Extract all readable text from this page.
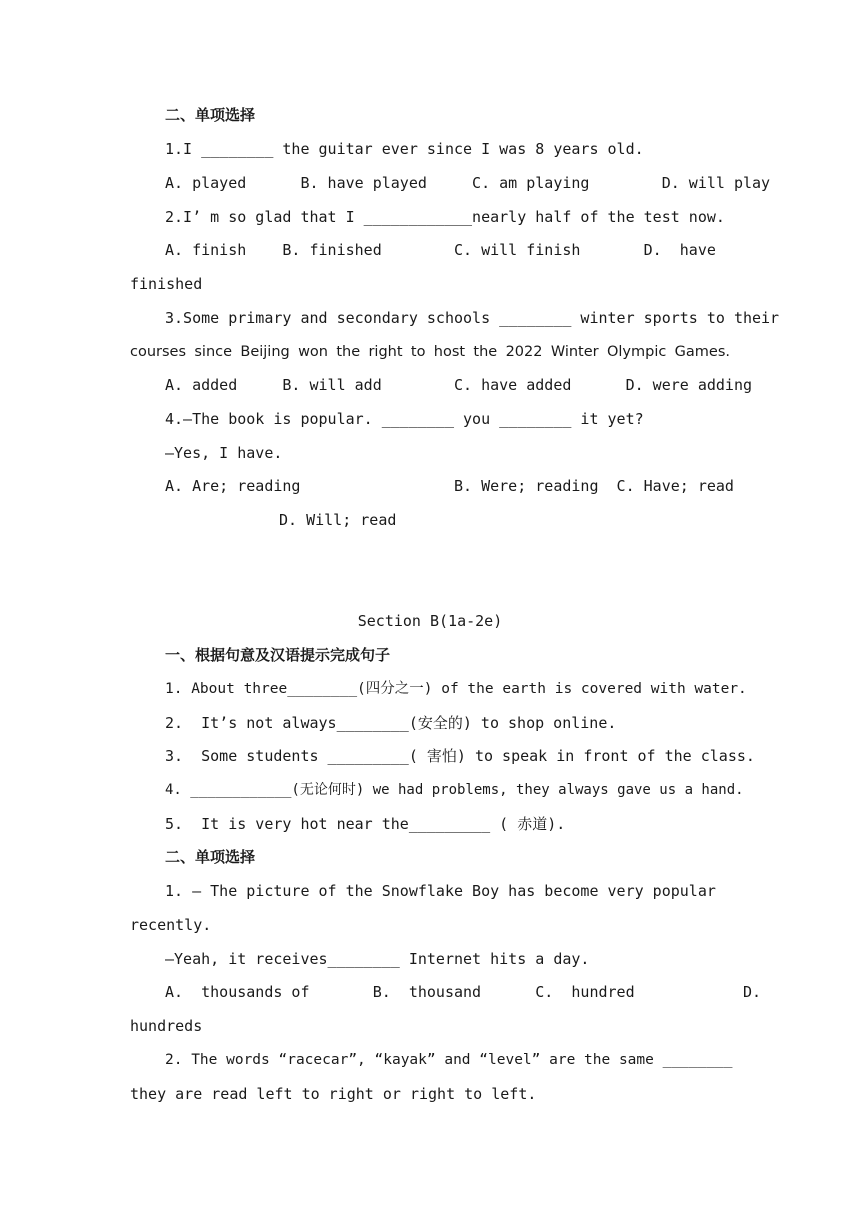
二、单项选择

1.I ________ the guitar ever since I was 8 years old.

A. played      B. have played     C. am playing        D. will play

2.I’ m so glad that I ____________nearly half of the test now.

A. finish    B. finished        C. will finish       D.  have

finished

3.Some primary and secondary schools ________ winter sports to their

courses since Beijing won the right to host the 2022 Winter Olympic Games.

A. added     B. will add        C. have added      D. were adding

4.—The book is popular. ________ you ________ it yet?

—Yes, I have.

A. Are; reading                 B. Were; reading  C. Have; read

D. Will; read

Section B(1a-2e)

一、根据句意及汉语提示完成句子

1. About three________(四分之一) of the earth is covered with water.

2.  It’s not always________(安全的) to shop online.

3.  Some students _________( 害怕) to speak in front of the class.

4. ____________(无论何时) we had problems, they always gave us a hand.

5.  It is very hot near the_________ ( 赤道).

二、单项选择

1. — The picture of the Snowflake Boy has become very popular

recently.

—Yeah, it receives________ Internet hits a day.

A.  thousands of       B.  thousand      C.  hundred            D.

hundreds

2. The words “racecar”, “kayak” and “level” are the same ________

they are read left to right or right to left.
